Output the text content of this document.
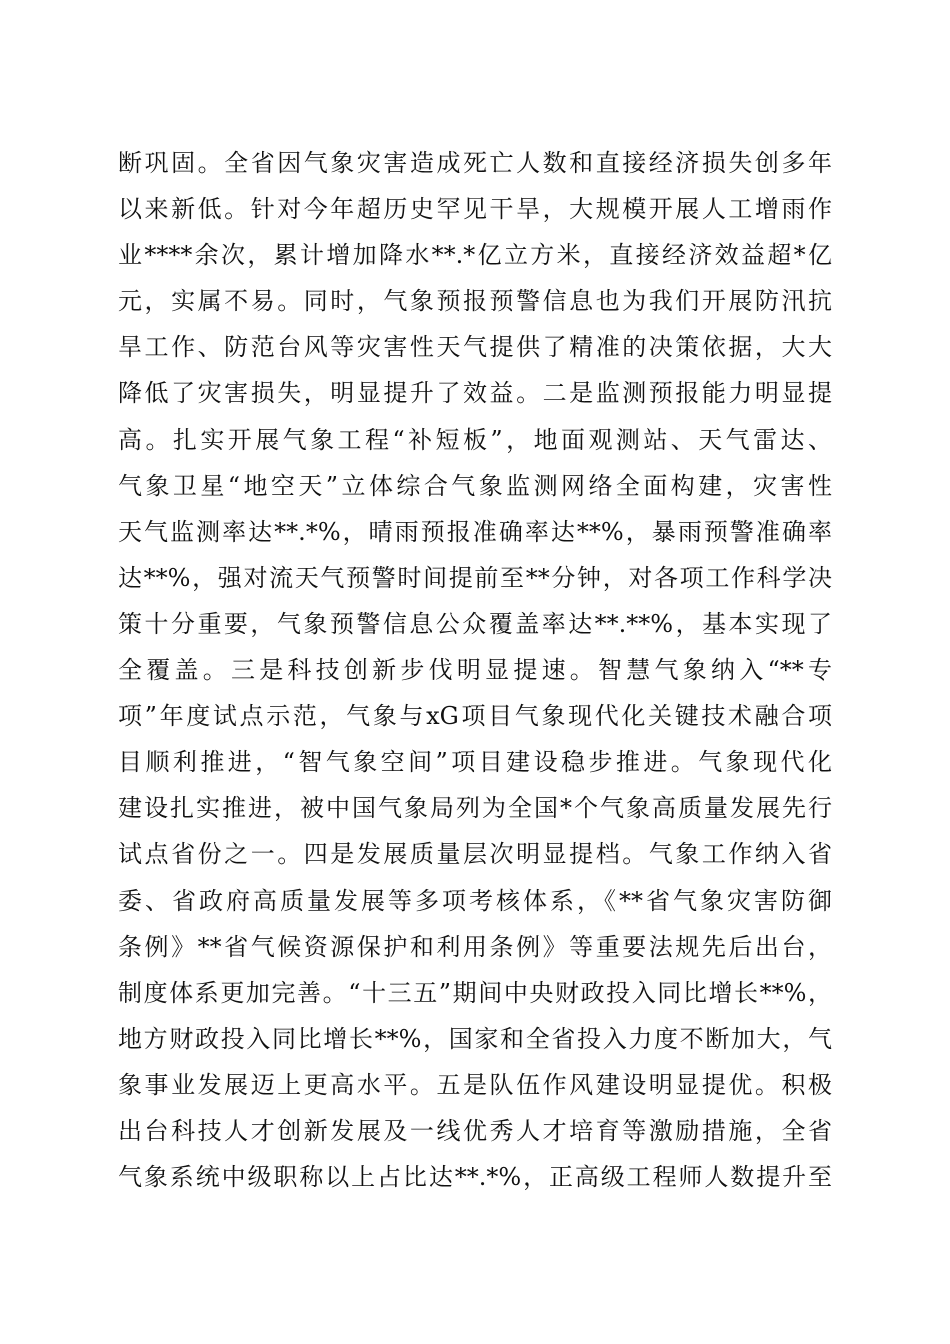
断巩固。全省因气象灾害造成死亡人数和直接经济损失创多年
以来新低。针对今年超历史罕见干旱，大规模开展人工增雨作
业****余次，累计增加降水**.*亿立方米，直接经济效益超*亿
元，实属不易。同时，气象预报预警信息也为我们开展防汛抗
旱工作、防范台风等灾害性天气提供了精准的决策依据，大大
降低了灾害损失，明显提升了效益。二是监测预报能力明显提
高。扎实开展气象工程“补短板”，地面观测站、天气雷达、
气象卫星“地空天”立体综合气象监测网络全面构建，灾害性
天气监测率达**.*%，晴雨预报准确率达**%，暴雨预警准确率
达**%，强对流天气预警时间提前至**分钟，对各项工作科学决
策十分重要，气象预警信息公众覆盖率达**.**%，基本实现了
全覆盖。三是科技创新步伐明显提速。智慧气象纳入“**专
项”年度试点示范，气象与xG项目气象现代化关键技术融合项
目顺利推进，“智气象空间”项目建设稳步推进。气象现代化
建设扎实推进，被中国气象局列为全国*个气象高质量发展先行
试点省份之一。四是发展质量层次明显提档。气象工作纳入省
委、省政府高质量发展等多项考核体系，《**省气象灾害防御
条例》**省气候资源保护和利用条例》等重要法规先后出台，
制度体系更加完善。“十三五”期间中央财政投入同比增长**%，
地方财政投入同比增长**%，国家和全省投入力度不断加大，气
象事业发展迈上更高水平。五是队伍作风建设明显提优。积极
出台科技人才创新发展及一线优秀人才培育等激励措施，全省
气象系统中级职称以上占比达**.*%，正高级工程师人数提升至
